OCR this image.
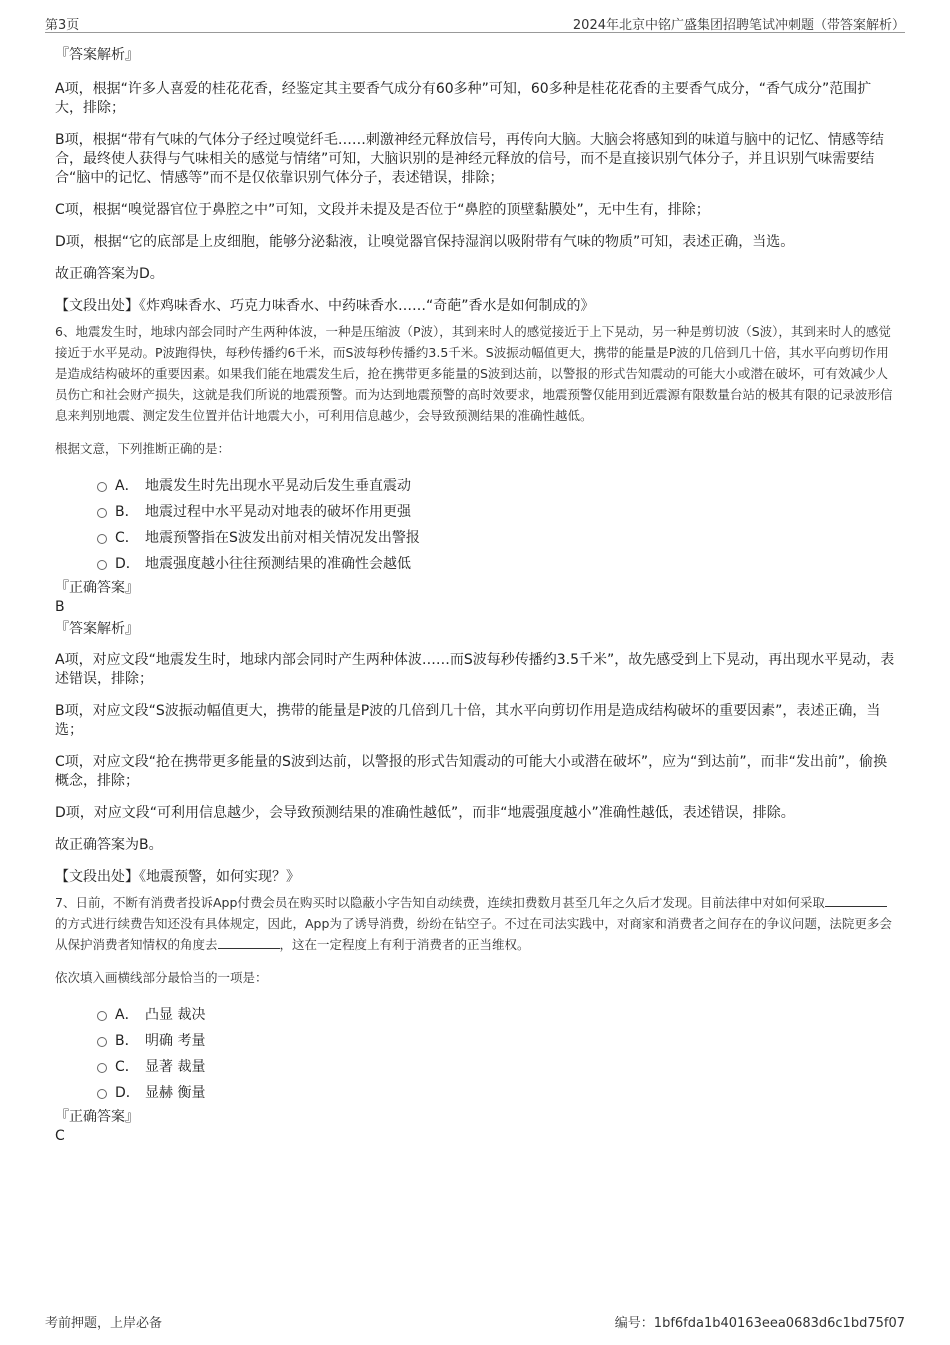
第3页	2024年北京中铭广盛集团招聘笔试冲刺题（带答案解析）

『答案解析』

A项，根据“许多人喜爱的桂花花香，经鉴定其主要香气成分有60多种”可知，60多种是桂花花香的主要香气成分，“香气成分”范围扩大，排除；

B项，根据“带有气味的气体分子经过嗅觉纤毛……刺激神经元释放信号，再传向大脑。大脑会将感知到的味道与脑中的记忆、情感等结合，最终使人获得与气味相关的感觉与情绪”可知，大脑识别的是神经元释放的信号，而不是直接识别气体分子，并且识别气味需要结合“脑中的记忆、情感等”而不是仅依靠识别气体分子，表述错误，排除；

C项，根据“嗅觉器官位于鼻腔之中”可知，文段并未提及是否位于“鼻腔的顶壁黏膜处”，无中生有，排除；

D项，根据“它的底部是上皮细胞，能够分泌黏液，让嗅觉器官保持湿润以吸附带有气味的物质”可知，表述正确，当选。

故正确答案为D。

【文段出处】《炸鸡味香水、巧克力味香水、中药味香水……“奇葩”香水是如何制成的》

6、地震发生时，地球内部会同时产生两种体波，一种是压缩波（P波），其到来时人的感觉接近于上下晃动，另一种是剪切波（S波），其到来时人的感觉接近于水平晃动。P波跑得快，每秒传播约6千米，而S波每秒传播约3.5千米。S波振动幅值更大，携带的能量是P波的几倍到几十倍，其水平向剪切作用是造成结构破坏的重要因素。如果我们能在地震发生后，抢在携带更多能量的S波到达前，以警报的形式告知震动的可能大小或潜在破坏，可有效减少人员伤亡和社会财产损失，这就是我们所说的地震预警。而为达到地震预警的高时效要求，地震预警仅能用到近震源有限数量台站的极其有限的记录波形信息来判别地震、测定发生位置并估计地震大小，可利用信息越少，会导致预测结果的准确性越低。

根据文意，下列推断正确的是：

A． 地震发生时先出现水平晃动后发生垂直震动
B． 地震过程中水平晃动对地表的破坏作用更强
C． 地震预警指在S波发出前对相关情况发出警报
D． 地震强度越小往往预测结果的准确性会越低

『正确答案』

B

『答案解析』

A项，对应文段“地震发生时，地球内部会同时产生两种体波……而S波每秒传播约3.5千米”，故先感受到上下晃动，再出现水平晃动，表述错误，排除；

B项，对应文段“S波振动幅值更大，携带的能量是P波的几倍到几十倍，其水平向剪切作用是造成结构破坏的重要因素”，表述正确，当选；

C项，对应文段“抢在携带更多能量的S波到达前，以警报的形式告知震动的可能大小或潜在破坏”，应为“到达前”，而非“发出前”，偷换概念，排除；

D项，对应文段“可利用信息越少，会导致预测结果的准确性越低”，而非“地震强度越小”准确性越低，表述错误，排除。

故正确答案为B。

【文段出处】《地震预警，如何实现？》

7、日前，不断有消费者投诉App付费会员在购买时以隐蔽小字告知自动续费，连续扣费数月甚至几年之久后才发现。目前法律中对如何采取的方式进行续费告知还没有具体规定，因此，App为了诱导消费，纷纷在钻空子。不过在司法实践中，对商家和消费者之间存在的争议问题，法院更多会从保护消费者知情权的角度去	，这在一定程度上有利于消费者的正当维权。

依次填入画横线部分最恰当的一项是：

A． 凸显 裁决
B． 明确 考量
C． 显著 裁量
D． 显赫 衡量

『正确答案』

C

考前押题，上岸必备	编号：1bf6fda1b40163eea0683d6c1bd75f07
